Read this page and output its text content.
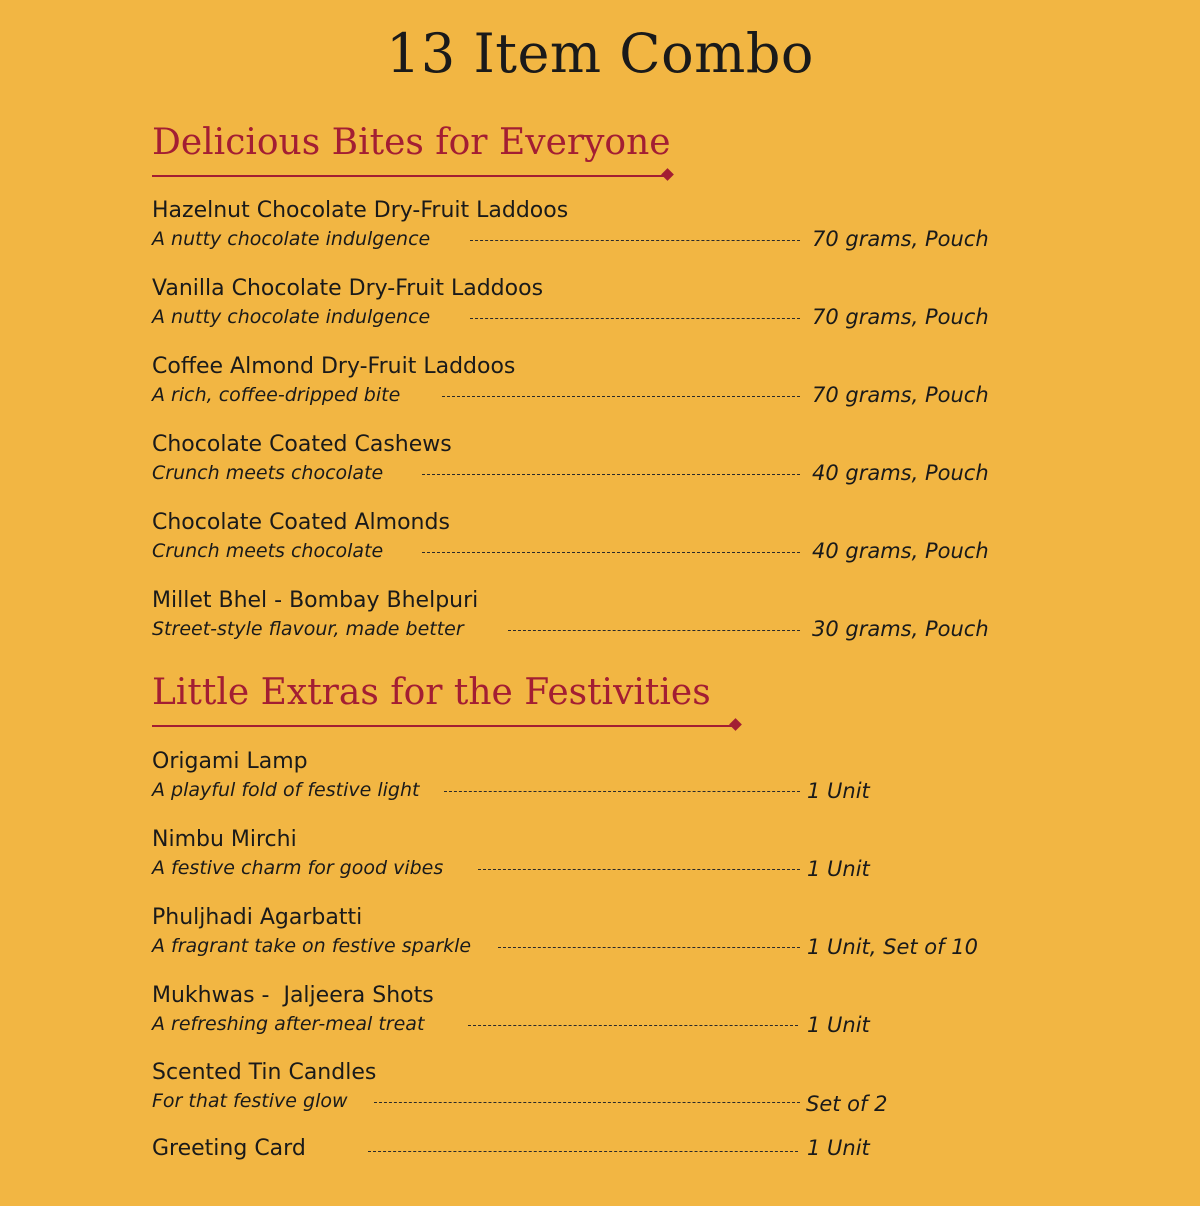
13 Item Combo
Delicious Bites for Everyone
Hazelnut Chocolate Dry-Fruit Laddoos
A nutty chocolate indulgence	70 grams, Pouch
Vanilla Chocolate Dry-Fruit Laddoos
A nutty chocolate indulgence	70 grams, Pouch
Coffee Almond Dry-Fruit Laddoos
A rich, coffee-dripped bite	70 grams, Pouch
Chocolate Coated Cashews
Crunch meets chocolate	40 grams, Pouch
Chocolate Coated Almonds
Crunch meets chocolate	40 grams, Pouch
Millet Bhel - Bombay Bhelpuri
Street-style flavour, made better	30 grams, Pouch
Little Extras for the Festivities
Origami Lamp
A playful fold of festive light	1 Unit
Nimbu Mirchi
A festive charm for good vibes	1 Unit
Phuljhadi Agarbatti
A fragrant take on festive sparkle	1 Unit, Set of 10
Mukhwas -  Jaljeera Shots
A refreshing after-meal treat	1 Unit
Scented Tin Candles
For that festive glow	Set of 2
Greeting Card	1 Unit
